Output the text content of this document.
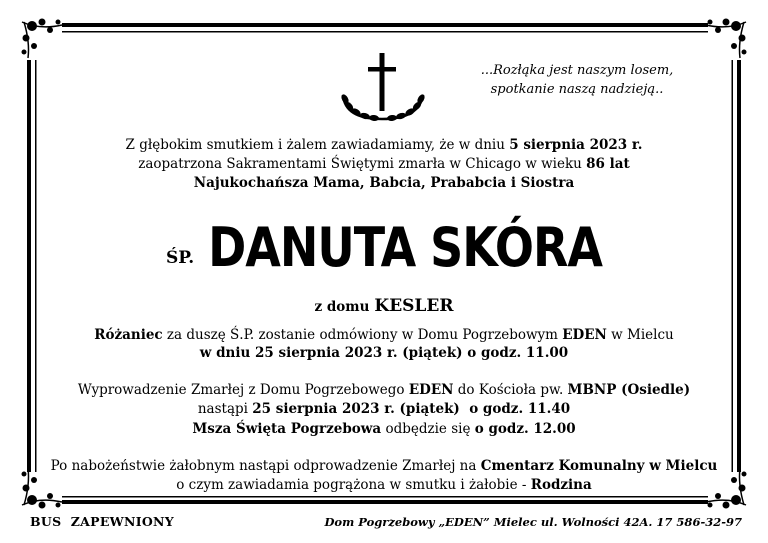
...Rozłąka jest naszym losem,
spotkanie naszą nadzieją..
Z głębokim smutkiem i żalem zawiadamiamy, że w dniu 5 sierpnia 2023 r.
zaopatrzona Sakramentami Świętymi zmarła w Chicago w wieku 86 lat
Najukochańsza Mama, Babcia, Prababcia i Siostra
ŚP. DANUTA SKÓRA
z domu KESLER
Różaniec za duszę Ś.P. zostanie odmówiony w Domu Pogrzebowym EDEN w Mielcu
w dniu 25 sierpnia 2023 r. (piątek) o godz. 11.00
Wyprowadzenie Zmarłej z Domu Pogrzebowego EDEN do Kościoła pw. MBNP (Osiedle)
nastąpi 25 sierpnia 2023 r. (piątek)  o godz. 11.40
Msza Święta Pogrzebowa odbędzie się o godz. 12.00
Po nabożeństwie żałobnym nastąpi odprowadzenie Zmarłej na Cmentarz Komunalny w Mielcu
o czym zawiadamia pogrążona w smutku i żałobie - Rodzina
BUS  ZAPEWNIONY	Dom Pogrzebowy „EDEN” Mielec ul. Wolności 42A. 17 586-32-97
